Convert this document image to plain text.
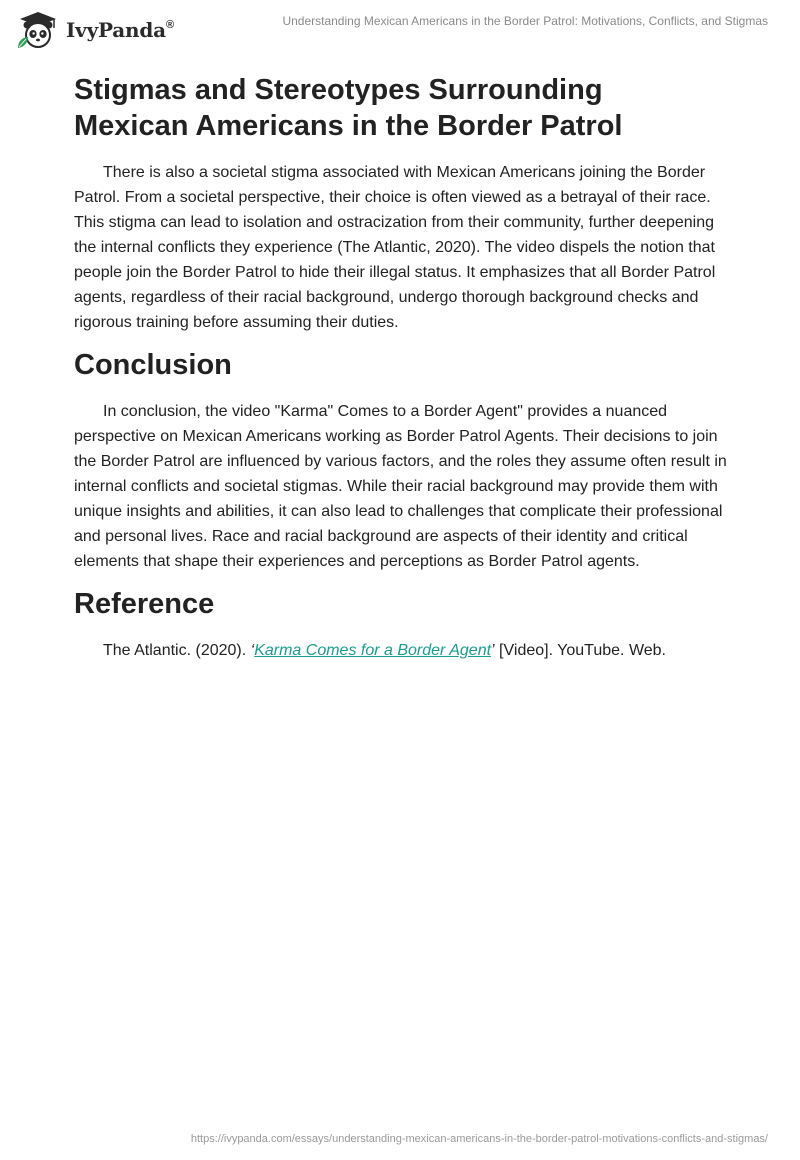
IvyPanda®	Understanding Mexican Americans in the Border Patrol: Motivations, Conflicts, and Stigmas
Stigmas and Stereotypes Surrounding
Mexican Americans in the Border Patrol

There is also a societal stigma associated with Mexican Americans joining the Border Patrol. From a societal perspective, their choice is often viewed as a betrayal of their race. This stigma can lead to isolation and ostracization from their community, further deepening the internal conflicts they experience (The Atlantic, 2020). The video dispels the notion that people join the Border Patrol to hide their illegal status. It emphasizes that all Border Patrol agents, regardless of their racial background, undergo thorough background checks and rigorous training before assuming their duties.

Conclusion

In conclusion, the video "Karma" Comes to a Border Agent" provides a nuanced perspective on Mexican Americans working as Border Patrol Agents. Their decisions to join the Border Patrol are influenced by various factors, and the roles they assume often result in internal conflicts and societal stigmas. While their racial background may provide them with unique insights and abilities, it can also lead to challenges that complicate their professional and personal lives. Race and racial background are aspects of their identity and critical elements that shape their experiences and perceptions as Border Patrol agents.

Reference

The Atlantic. (2020). ‘Karma Comes for a Border Agent’ [Video]. YouTube. Web.

https://ivypanda.com/essays/understanding-mexican-americans-in-the-border-patrol-motivations-conflicts-and-stigmas/
